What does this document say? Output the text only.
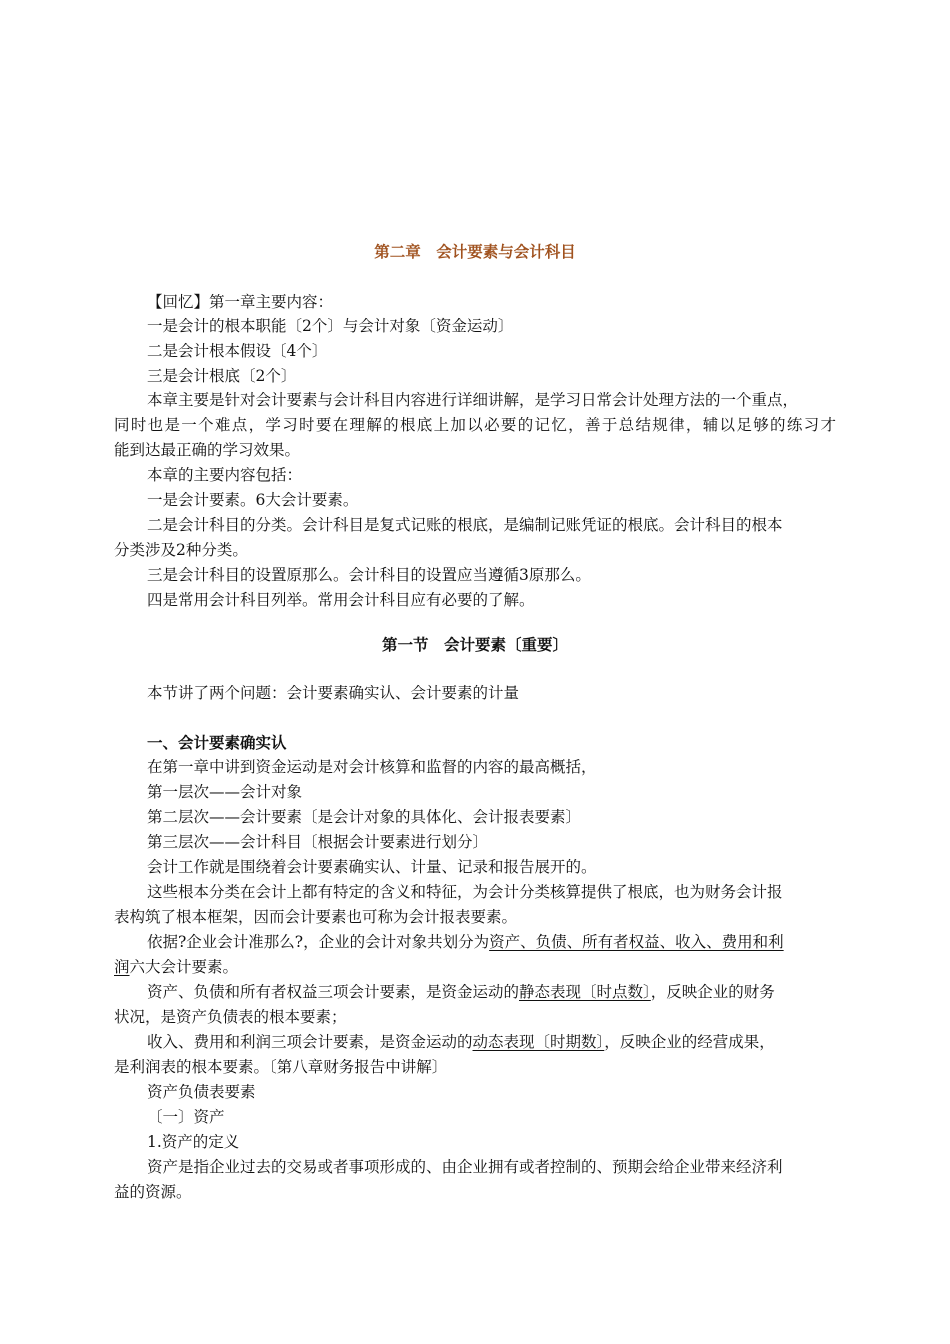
第二章　会计要素与会计科目
【回忆】第一章主要内容：
一是会计的根本职能〔2个〕与会计对象〔资金运动〕
二是会计根本假设〔4个〕
三是会计根底〔2个〕
本章主要是针对会计要素与会计科目内容进行详细讲解，是学习日常会计处理方法的一个重点，
同时也是一个难点，学习时要在理解的根底上加以必要的记忆，善于总结规律，辅以足够的练习才
能到达最正确的学习效果。
本章的主要内容包括：
一是会计要素。6大会计要素。
二是会计科目的分类。会计科目是复式记账的根底，是编制记账凭证的根底。会计科目的根本
分类涉及2种分类。
三是会计科目的设置原那么。会计科目的设置应当遵循3原那么。
四是常用会计科目列举。常用会计科目应有必要的了解。
第一节　会计要素〔重要〕
本节讲了两个问题：会计要素确实认、会计要素的计量
一、会计要素确实认
在第一章中讲到资金运动是对会计核算和监督的内容的最高概括，
第一层次——会计对象
第二层次——会计要素〔是会计对象的具体化、会计报表要素〕
第三层次——会计科目〔根据会计要素进行划分〕
会计工作就是围绕着会计要素确实认、计量、记录和报告展开的。
这些根本分类在会计上都有特定的含义和特征，为会计分类核算提供了根底，也为财务会计报
表构筑了根本框架，因而会计要素也可称为会计报表要素。
依据?企业会计准那么?，企业的会计对象共划分为资产、负债、所有者权益、收入、费用和利
润六大会计要素。
资产、负债和所有者权益三项会计要素，是资金运动的静态表现〔时点数〕，反映企业的财务
状况，是资产负债表的根本要素；
收入、费用和利润三项会计要素，是资金运动的动态表现〔时期数〕，反映企业的经营成果，
是利润表的根本要素。〔第八章财务报告中讲解〕
资产负债表要素
〔一〕资产
1.资产的定义
资产是指企业过去的交易或者事项形成的、由企业拥有或者控制的、预期会给企业带来经济利
益的资源。
